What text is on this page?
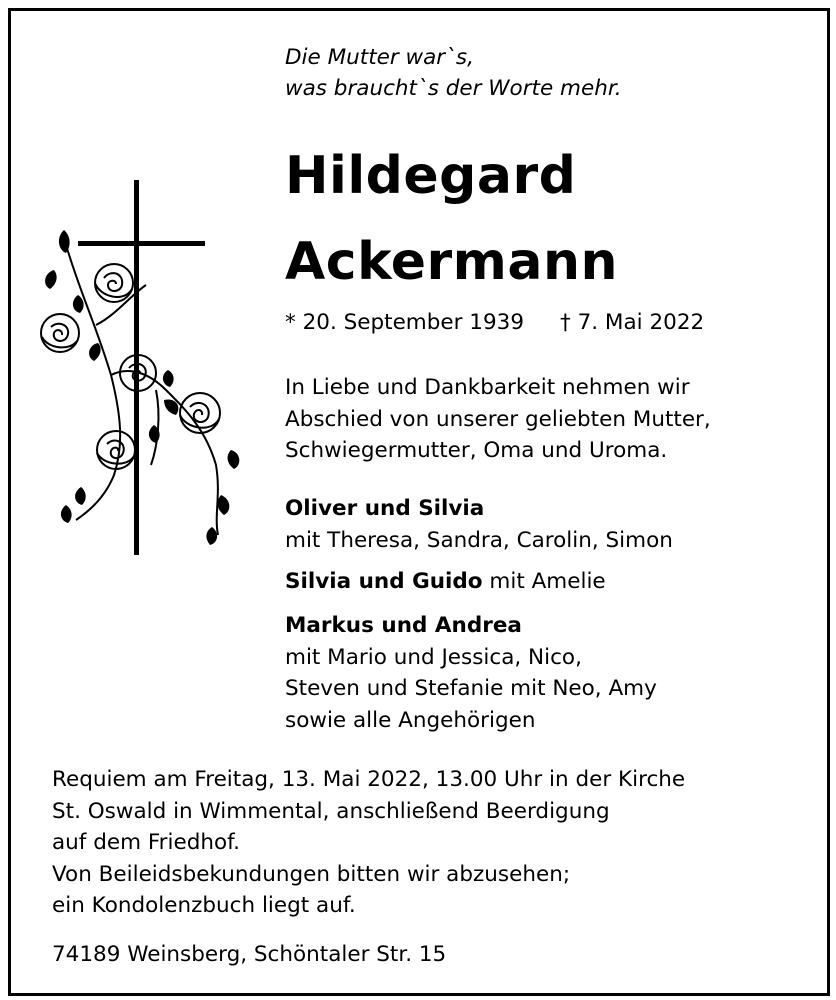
Die Mutter war`s,
was braucht`s der Worte mehr.
Hildegard
Ackermann
* 20. September 1939 † 7. Mai 2022
In Liebe und Dankbarkeit nehmen wir
Abschied von unserer geliebten Mutter,
Schwiegermutter, Oma und Uroma.
Oliver und Silvia
mit Theresa, Sandra, Carolin, Simon
Silvia und Guido mit Amelie
Markus und Andrea
mit Mario und Jessica, Nico,
Steven und Stefanie mit Neo, Amy
sowie alle Angehörigen
Requiem am Freitag, 13. Mai 2022, 13.00 Uhr in der Kirche
St. Oswald in Wimmental, anschließend Beerdigung
auf dem Friedhof.
Von Beileidsbekundungen bitten wir abzusehen;
ein Kondolenzbuch liegt auf.
74189 Weinsberg, Schöntaler Str. 15
